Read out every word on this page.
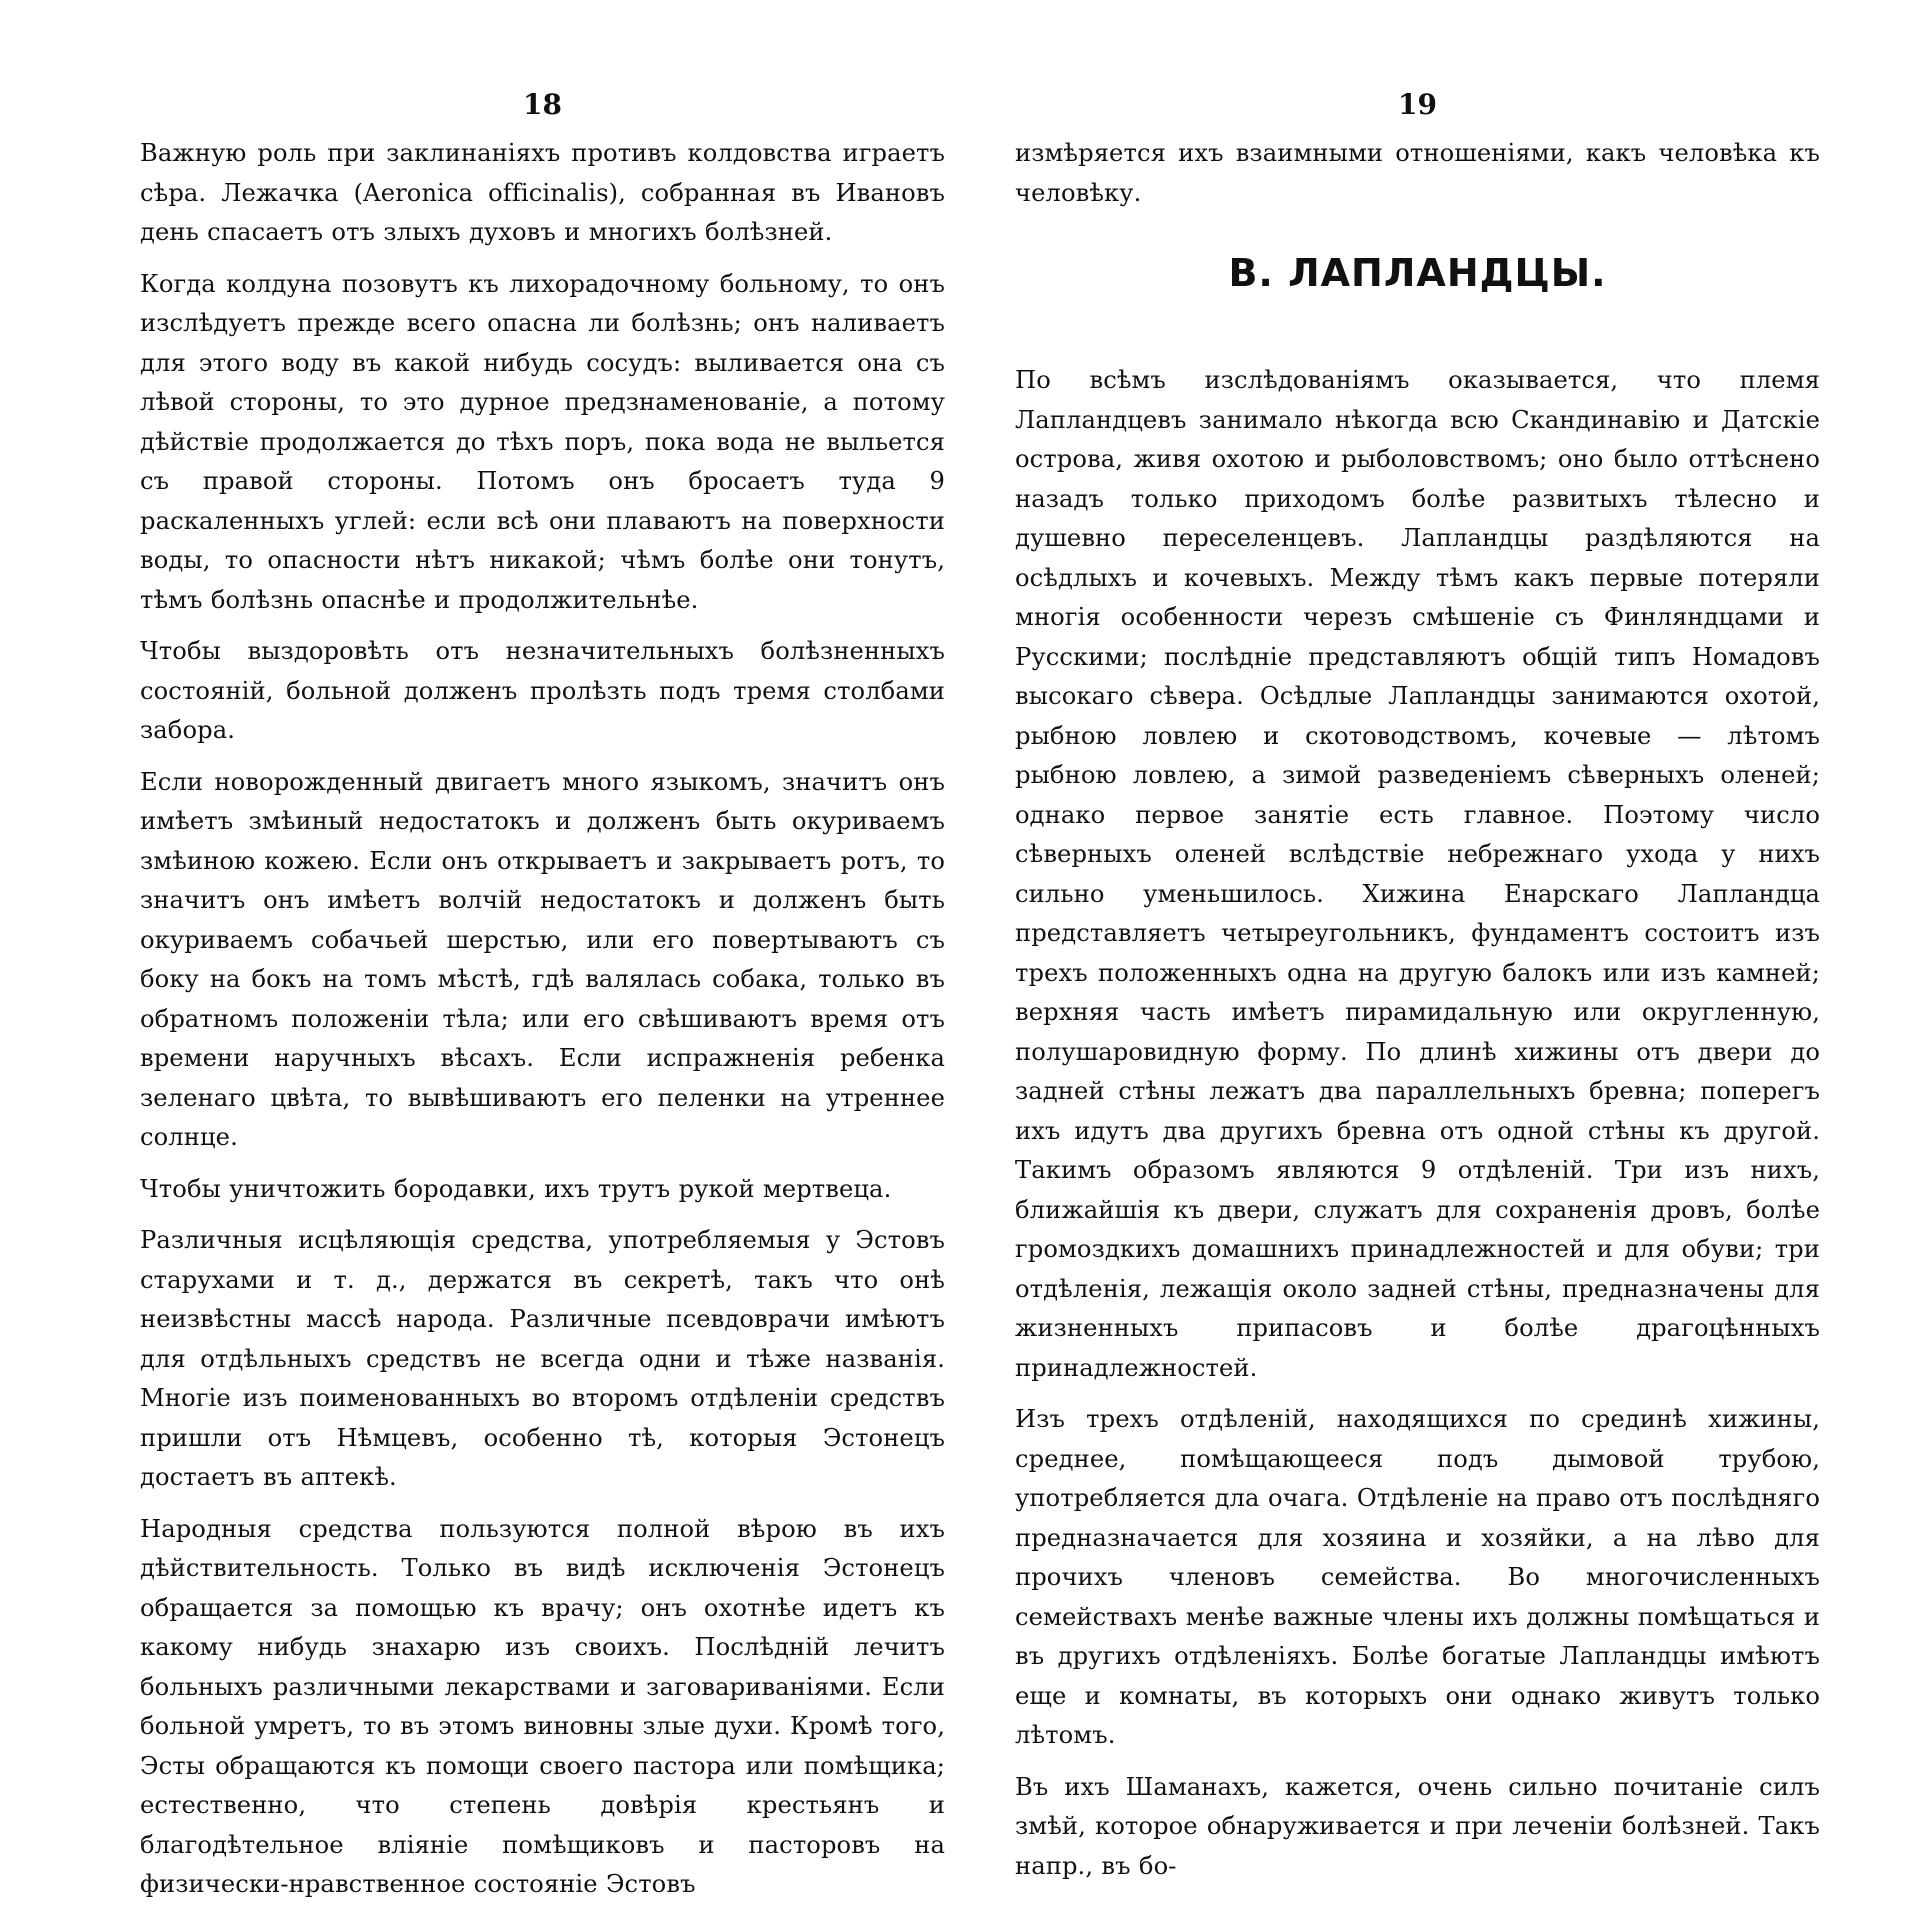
18

Важную роль при заклинаніяхъ противъ колдовства играетъ сѣра. Лежачка (Aeronica officinalis), собранная въ Ивановъ день спасаетъ отъ злыхъ духовъ и многихъ болѣзней.

Когда колдуна позовутъ къ лихорадочному больному, то онъ изслѣдуетъ прежде всего опасна ли болѣзнь; онъ наливаетъ для этого воду въ какой нибудь сосудъ: выливается она съ лѣвой стороны, то это дурное предзнаменованіе, а потому дѣйствіе продолжается до тѣхъ поръ, пока вода не выльется съ правой стороны. Потомъ онъ бросаетъ туда 9 раскаленныхъ углей: если всѣ они плаваютъ на поверхности воды, то опасности нѣтъ никакой; чѣмъ болѣе они тонутъ, тѣмъ болѣзнь опаснѣе и продолжительнѣе.

Чтобы выздоровѣть отъ незначительныхъ болѣзненныхъ состояній, больной долженъ пролѣзть подъ тремя столбами забора.

Если новорожденный двигаетъ много языкомъ, значитъ онъ имѣетъ змѣиный недостатокъ и долженъ быть окуриваемъ змѣиною кожею. Если онъ открываетъ и закрываетъ ротъ, то значитъ онъ имѣетъ волчій недостатокъ и долженъ быть окуриваемъ собачьей шерстью, или его повертываютъ съ боку на бокъ на томъ мѣстѣ, гдѣ валялась собака, только въ обратномъ положеніи тѣла; или его свѣшиваютъ время отъ времени наручныхъ вѣсахъ. Если испражненія ребенка зеленаго цвѣта, то вывѣшиваютъ его пеленки на утреннее солнце.

Чтобы уничтожить бородавки, ихъ трутъ рукой мертвеца.

Различныя исцѣляющія средства, употребляемыя у Эстовъ старухами и т. д., держатся въ секретѣ, такъ что онѣ неизвѣстны массѣ народа. Различные псевдоврачи имѣютъ для отдѣльныхъ средствъ не всегда одни и тѣже названія. Многіе изъ поименованныхъ во второмъ отдѣленіи средствъ пришли отъ Нѣмцевъ, особенно тѣ, которыя Эстонецъ достаетъ въ аптекѣ.

Народныя средства пользуются полной вѣрою въ ихъ дѣйствительность. Только въ видѣ исключенія Эстонецъ обращается за помощью къ врачу; онъ охотнѣе идетъ къ какому нибудь знахарю изъ своихъ. Послѣдній лечитъ больныхъ различными лекарствами и заговариваніями. Если больной умретъ, то въ этомъ виновны злые духи. Кромѣ того, Эсты обращаются къ помощи своего пастора или помѣщика; естественно, что степень довѣрія крестьянъ и благодѣтельное вліяніе помѣщиковъ и пасторовъ на физически-нравственное состояніе Эстовъ

19

измѣряется ихъ взаимными отношеніями, какъ человѣка къ человѣку.

В. ЛАПЛАНДЦЫ.

По всѣмъ изслѣдованіямъ оказывается, что племя Лапландцевъ занимало нѣкогда всю Скандинавію и Датскіе острова, живя охотою и рыболовствомъ; оно было оттѣснено назадъ только приходомъ болѣе развитыхъ тѣлесно и душевно переселенцевъ. Лапландцы раздѣляются на осѣдлыхъ и кочевыхъ. Между тѣмъ какъ первые потеряли многія особенности черезъ смѣшеніе съ Финляндцами и Русскими; послѣдніе представляютъ общій типъ Номадовъ высокаго сѣвера. Осѣдлые Лапландцы занимаются охотой, рыбною ловлею и скотоводствомъ, кочевые — лѣтомъ рыбною ловлею, а зимой разведеніемъ сѣверныхъ оленей; однако первое занятіе есть главное. Поэтому число сѣверныхъ оленей вслѣдствіе небрежнаго ухода у нихъ сильно уменьшилось. Хижина Енарскаго Лапландца представляетъ четыреугольникъ, фундаментъ состоитъ изъ трехъ положенныхъ одна на другую балокъ или изъ камней; верхняя часть имѣетъ пирамидальную или округленную, полушаровидную форму. По длинѣ хижины отъ двери до задней стѣны лежатъ два параллельныхъ бревна; поперегъ ихъ идутъ два другихъ бревна отъ одной стѣны къ другой. Такимъ образомъ являются 9 отдѣленій. Три изъ нихъ, ближайшія къ двери, служатъ для сохраненія дровъ, болѣе громоздкихъ домашнихъ принадлежностей и для обуви; три отдѣленія, лежащія около задней стѣны, предназначены для жизненныхъ припасовъ и болѣе драгоцѣнныхъ принадлежностей.

Изъ трехъ отдѣленій, находящихся по срединѣ хижины, среднее, помѣщающееся подъ дымовой трубою, употребляется дла очага. Отдѣленіе на право отъ послѣдняго предназначается для хозяина и хозяйки, а на лѣво для прочихъ членовъ семейства. Во многочисленныхъ семействахъ менѣе важные члены ихъ должны помѣщаться и въ другихъ отдѣленіяхъ. Болѣе богатые Лапландцы имѣютъ еще и комнаты, въ которыхъ они однако живутъ только лѣтомъ.

Въ ихъ Шаманахъ, кажется, очень сильно почитаніе силъ змѣй, которое обнаруживается и при леченіи болѣзней. Такъ напр., въ бо-
